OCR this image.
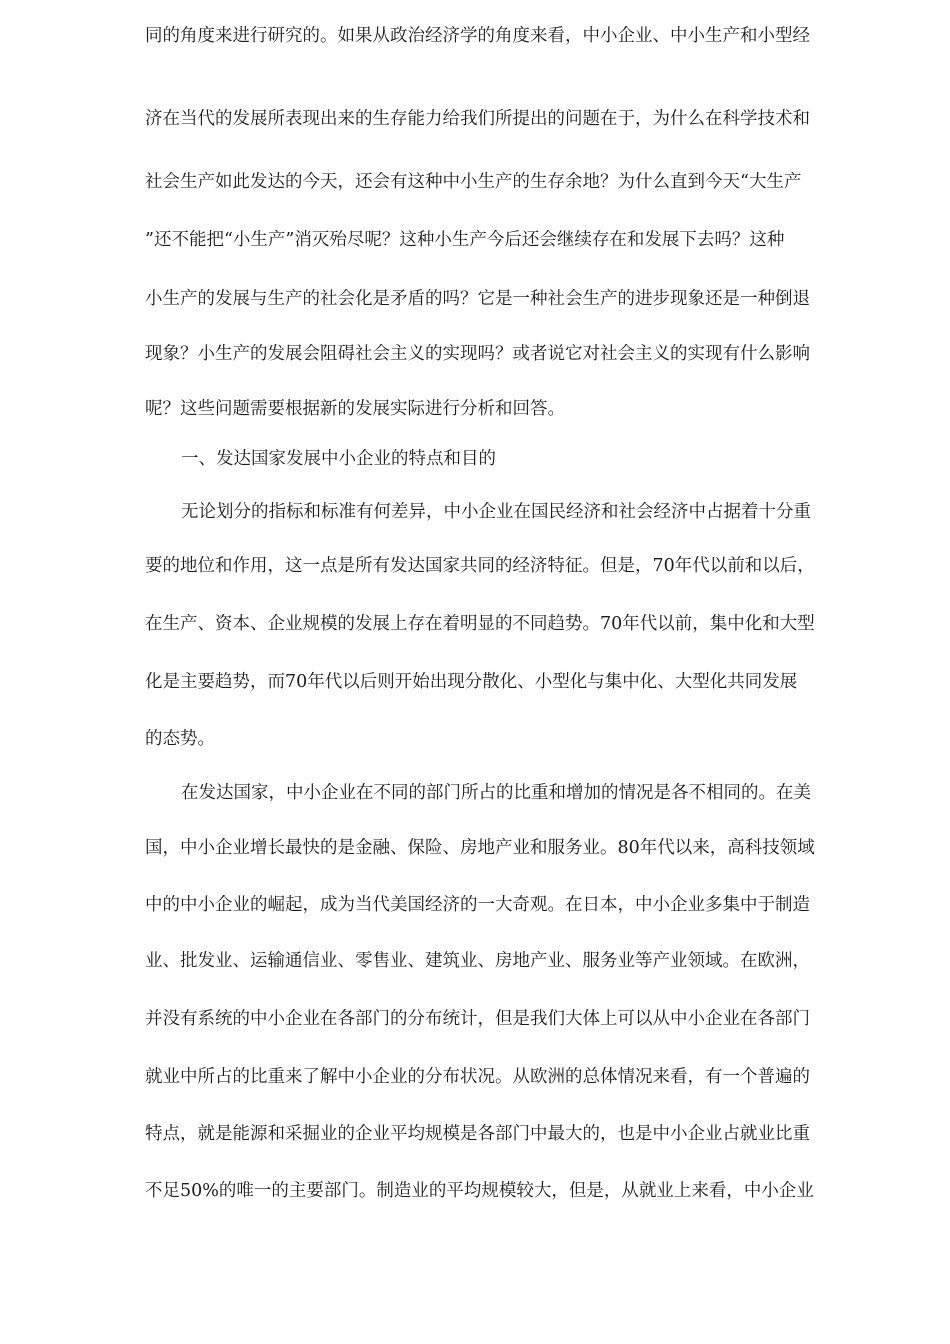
同的角度来进行研究的。如果从政治经济学的角度来看，中小企业、中小生产和小型经
济在当代的发展所表现出来的生存能力给我们所提出的问题在于，为什么在科学技术和
社会生产如此发达的今天，还会有这种中小生产的生存余地？为什么直到今天“大生产
”还不能把“小生产”消灭殆尽呢？这种小生产今后还会继续存在和发展下去吗？这种
小生产的发展与生产的社会化是矛盾的吗？它是一种社会生产的进步现象还是一种倒退
现象？小生产的发展会阻碍社会主义的实现吗？或者说它对社会主义的实现有什么影响
呢？这些问题需要根据新的发展实际进行分析和回答。
一、发达国家发展中小企业的特点和目的
无论划分的指标和标准有何差异，中小企业在国民经济和社会经济中占据着十分重
要的地位和作用，这一点是所有发达国家共同的经济特征。但是，70年代以前和以后，
在生产、资本、企业规模的发展上存在着明显的不同趋势。70年代以前，集中化和大型
化是主要趋势，而70年代以后则开始出现分散化、小型化与集中化、大型化共同发展
的态势。
在发达国家，中小企业在不同的部门所占的比重和增加的情况是各不相同的。在美
国，中小企业增长最快的是金融、保险、房地产业和服务业。80年代以来，高科技领域
中的中小企业的崛起，成为当代美国经济的一大奇观。在日本，中小企业多集中于制造
业、批发业、运输通信业、零售业、建筑业、房地产业、服务业等产业领域。在欧洲，
并没有系统的中小企业在各部门的分布统计，但是我们大体上可以从中小企业在各部门
就业中所占的比重来了解中小企业的分布状况。从欧洲的总体情况来看，有一个普遍的
特点，就是能源和采掘业的企业平均规模是各部门中最大的，也是中小企业占就业比重
不足50%的唯一的主要部门。制造业的平均规模较大，但是，从就业上来看，中小企业
